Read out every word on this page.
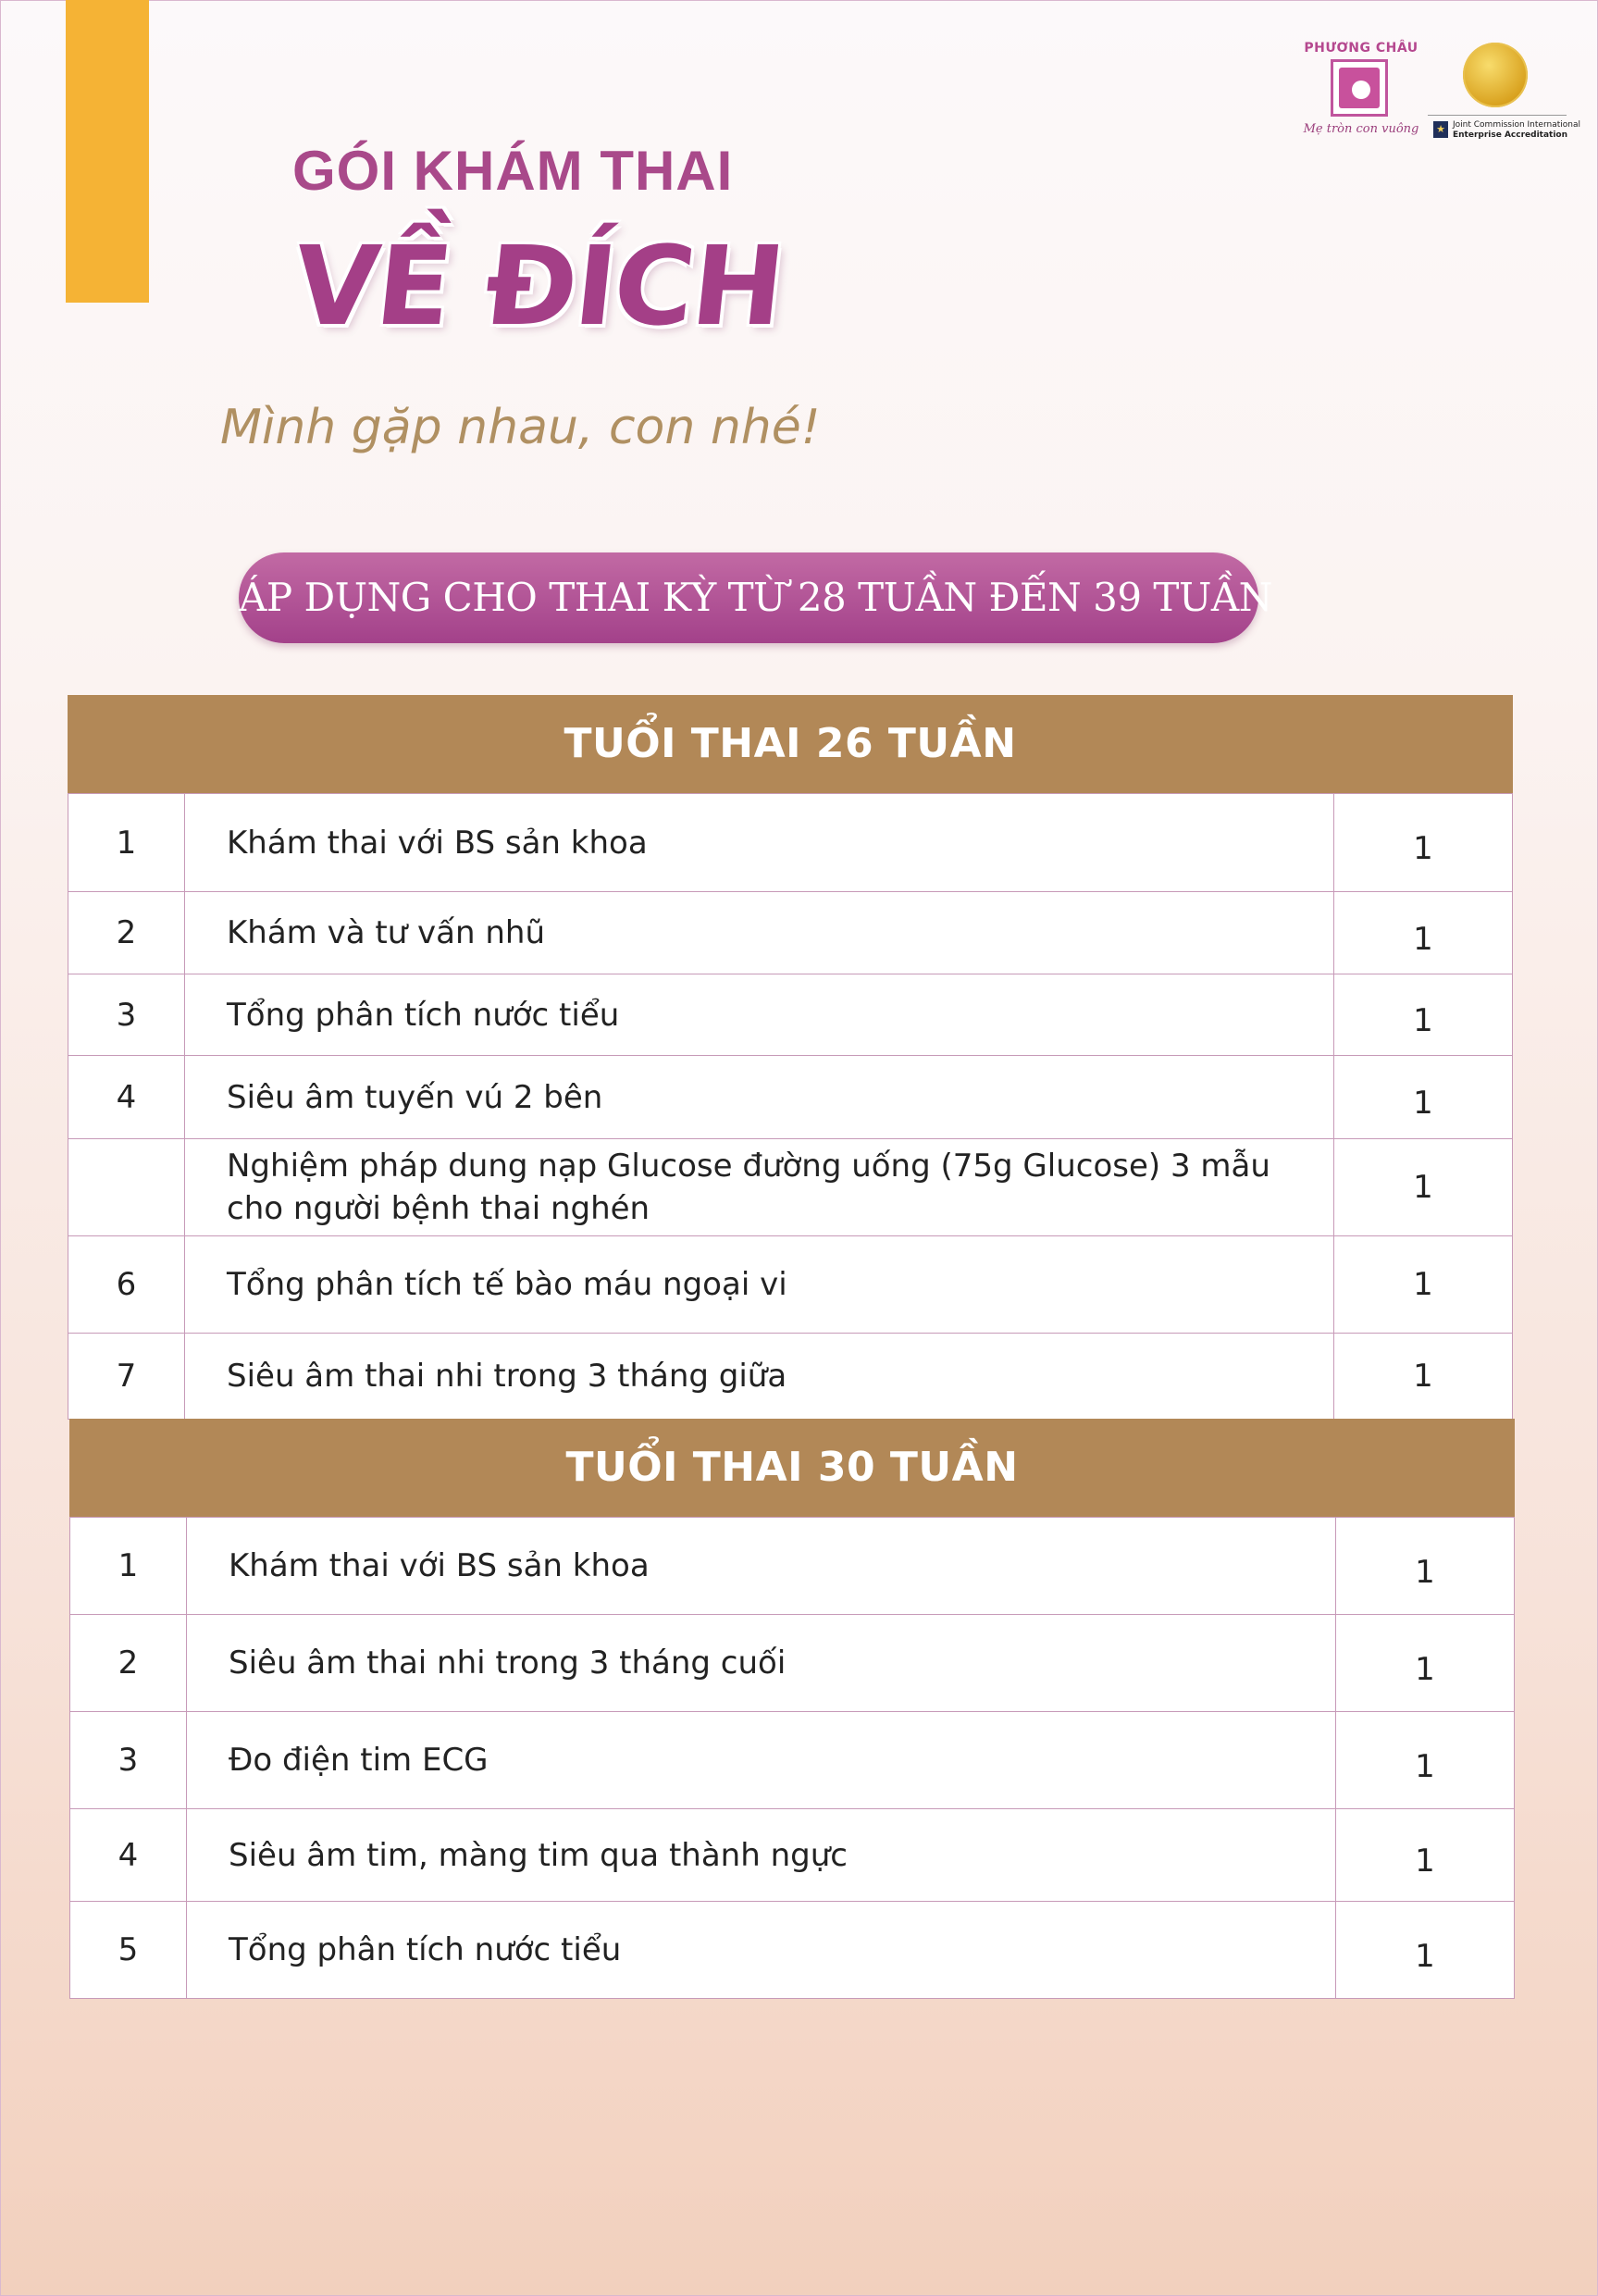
PHƯƠNG CHÂU
Mẹ tròn con vuông ★ Joint Commission International
Enterprise Accreditation
GÓI KHÁM THAI
VỀ ĐÍCH
Mình gặp nhau, con nhé!
ÁP DỤNG CHO THAI KỲ TỪ 28 TUẦN ĐẾN 39 TUẦN
TUỔI THAI 26 TUẦN
1	Khám thai với BS sản khoa	1
2	Khám và tư vấn nhũ	1
3	Tổng phân tích nước tiểu	1
4	Siêu âm tuyến vú 2 bên	1
	Nghiệm pháp dung nạp Glucose đường uống (75g Glucose) 3 mẫu cho người bệnh thai nghén	1
6	Tổng phân tích tế bào máu ngoại vi	1
7	Siêu âm thai nhi trong 3 tháng giữa	1
TUỔI THAI 30 TUẦN
1	Khám thai với BS sản khoa	1
2	Siêu âm thai nhi trong 3 tháng cuối	1
3	Đo điện tim ECG	1
4	Siêu âm tim, màng tim qua thành ngực	1
5	Tổng phân tích nước tiểu	1
